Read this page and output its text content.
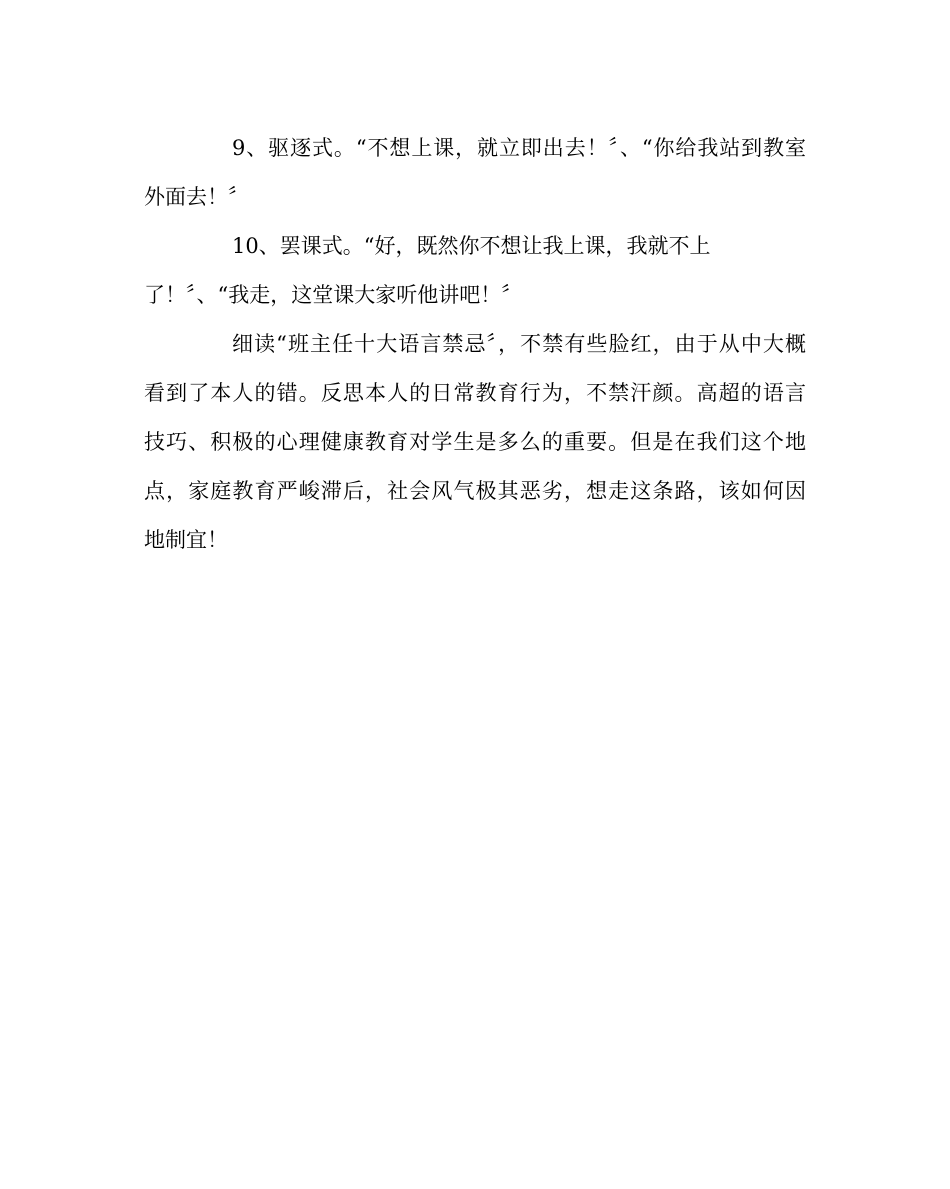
9、驱逐式。“不想上课，就立即出去！〞、“你给我站到教室
外面去！〞
10、罢课式。“好，既然你不想让我上课，我就不上
了！〞、“我走，这堂课大家听他讲吧！〞
细读“班主任十大语言禁忌〞，不禁有些脸红，由于从中大概
看到了本人的错。反思本人的日常教育行为，不禁汗颜。高超的语言
技巧、积极的心理健康教育对学生是多么的重要。但是在我们这个地
点，家庭教育严峻滞后，社会风气极其恶劣，想走这条路，该如何因
地制宜！
